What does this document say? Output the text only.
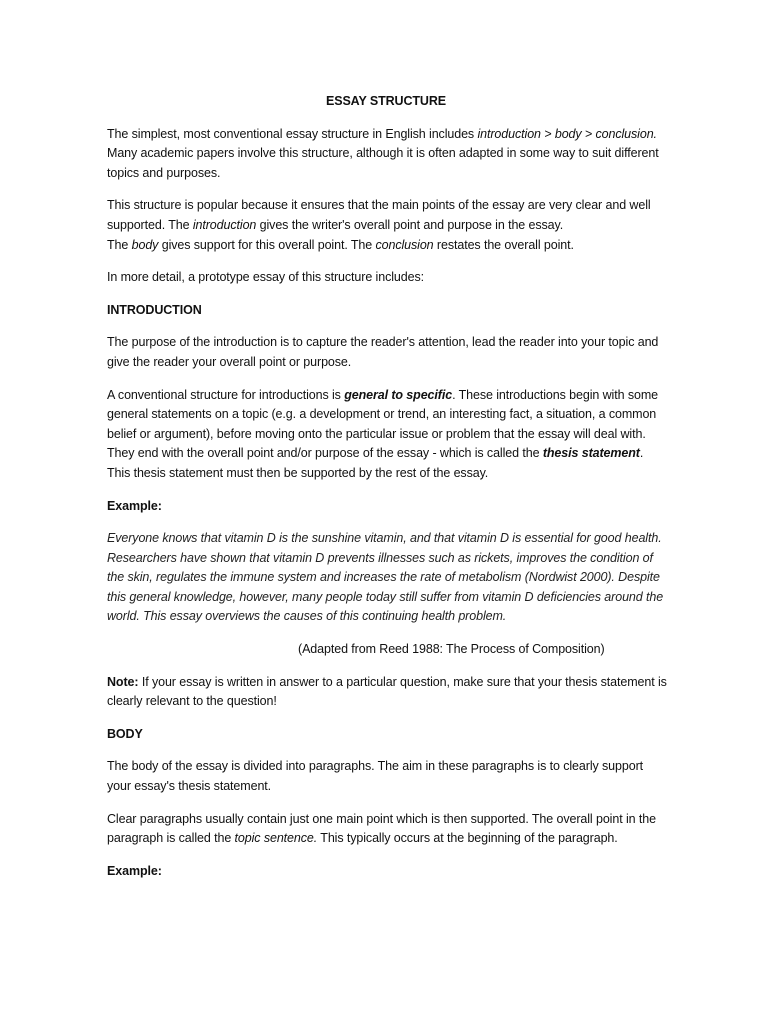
ESSAY STRUCTURE

The simplest, most conventional essay structure in English includes introduction > body > conclusion. Many academic papers involve this structure, although it is often adapted in some way to suit different topics and purposes.

This structure is popular because it ensures that the main points of the essay are very clear and well supported. The introduction gives the writer's overall point and purpose in the essay.
The body gives support for this overall point. The conclusion restates the overall point.

In more detail, a prototype essay of this structure includes:

INTRODUCTION

The purpose of the introduction is to capture the reader's attention, lead the reader into your topic and give the reader your overall point or purpose.

A conventional structure for introductions is general to specific. These introductions begin with some general statements on a topic (e.g. a development or trend, an interesting fact, a situation, a common belief or argument), before moving onto the particular issue or problem that the essay will deal with. They end with the overall point and/or purpose of the essay - which is called the thesis statement. This thesis statement must then be supported by the rest of the essay.

Example:

Everyone knows that vitamin D is the sunshine vitamin, and that vitamin D is essential for good health. Researchers have shown that vitamin D prevents illnesses such as rickets, improves the condition of the skin, regulates the immune system and increases the rate of metabolism (Nordwist 2000). Despite this general knowledge, however, many people today still suffer from vitamin D deficiencies around the world. This essay overviews the causes of this continuing health problem.

(Adapted from Reed 1988: The Process of Composition)

Note: If your essay is written in answer to a particular question, make sure that your thesis statement is clearly relevant to the question!

BODY

The body of the essay is divided into paragraphs. The aim in these paragraphs is to clearly support your essay's thesis statement.

Clear paragraphs usually contain just one main point which is then supported. The overall point in the paragraph is called the topic sentence. This typically occurs at the beginning of the paragraph.

Example:
